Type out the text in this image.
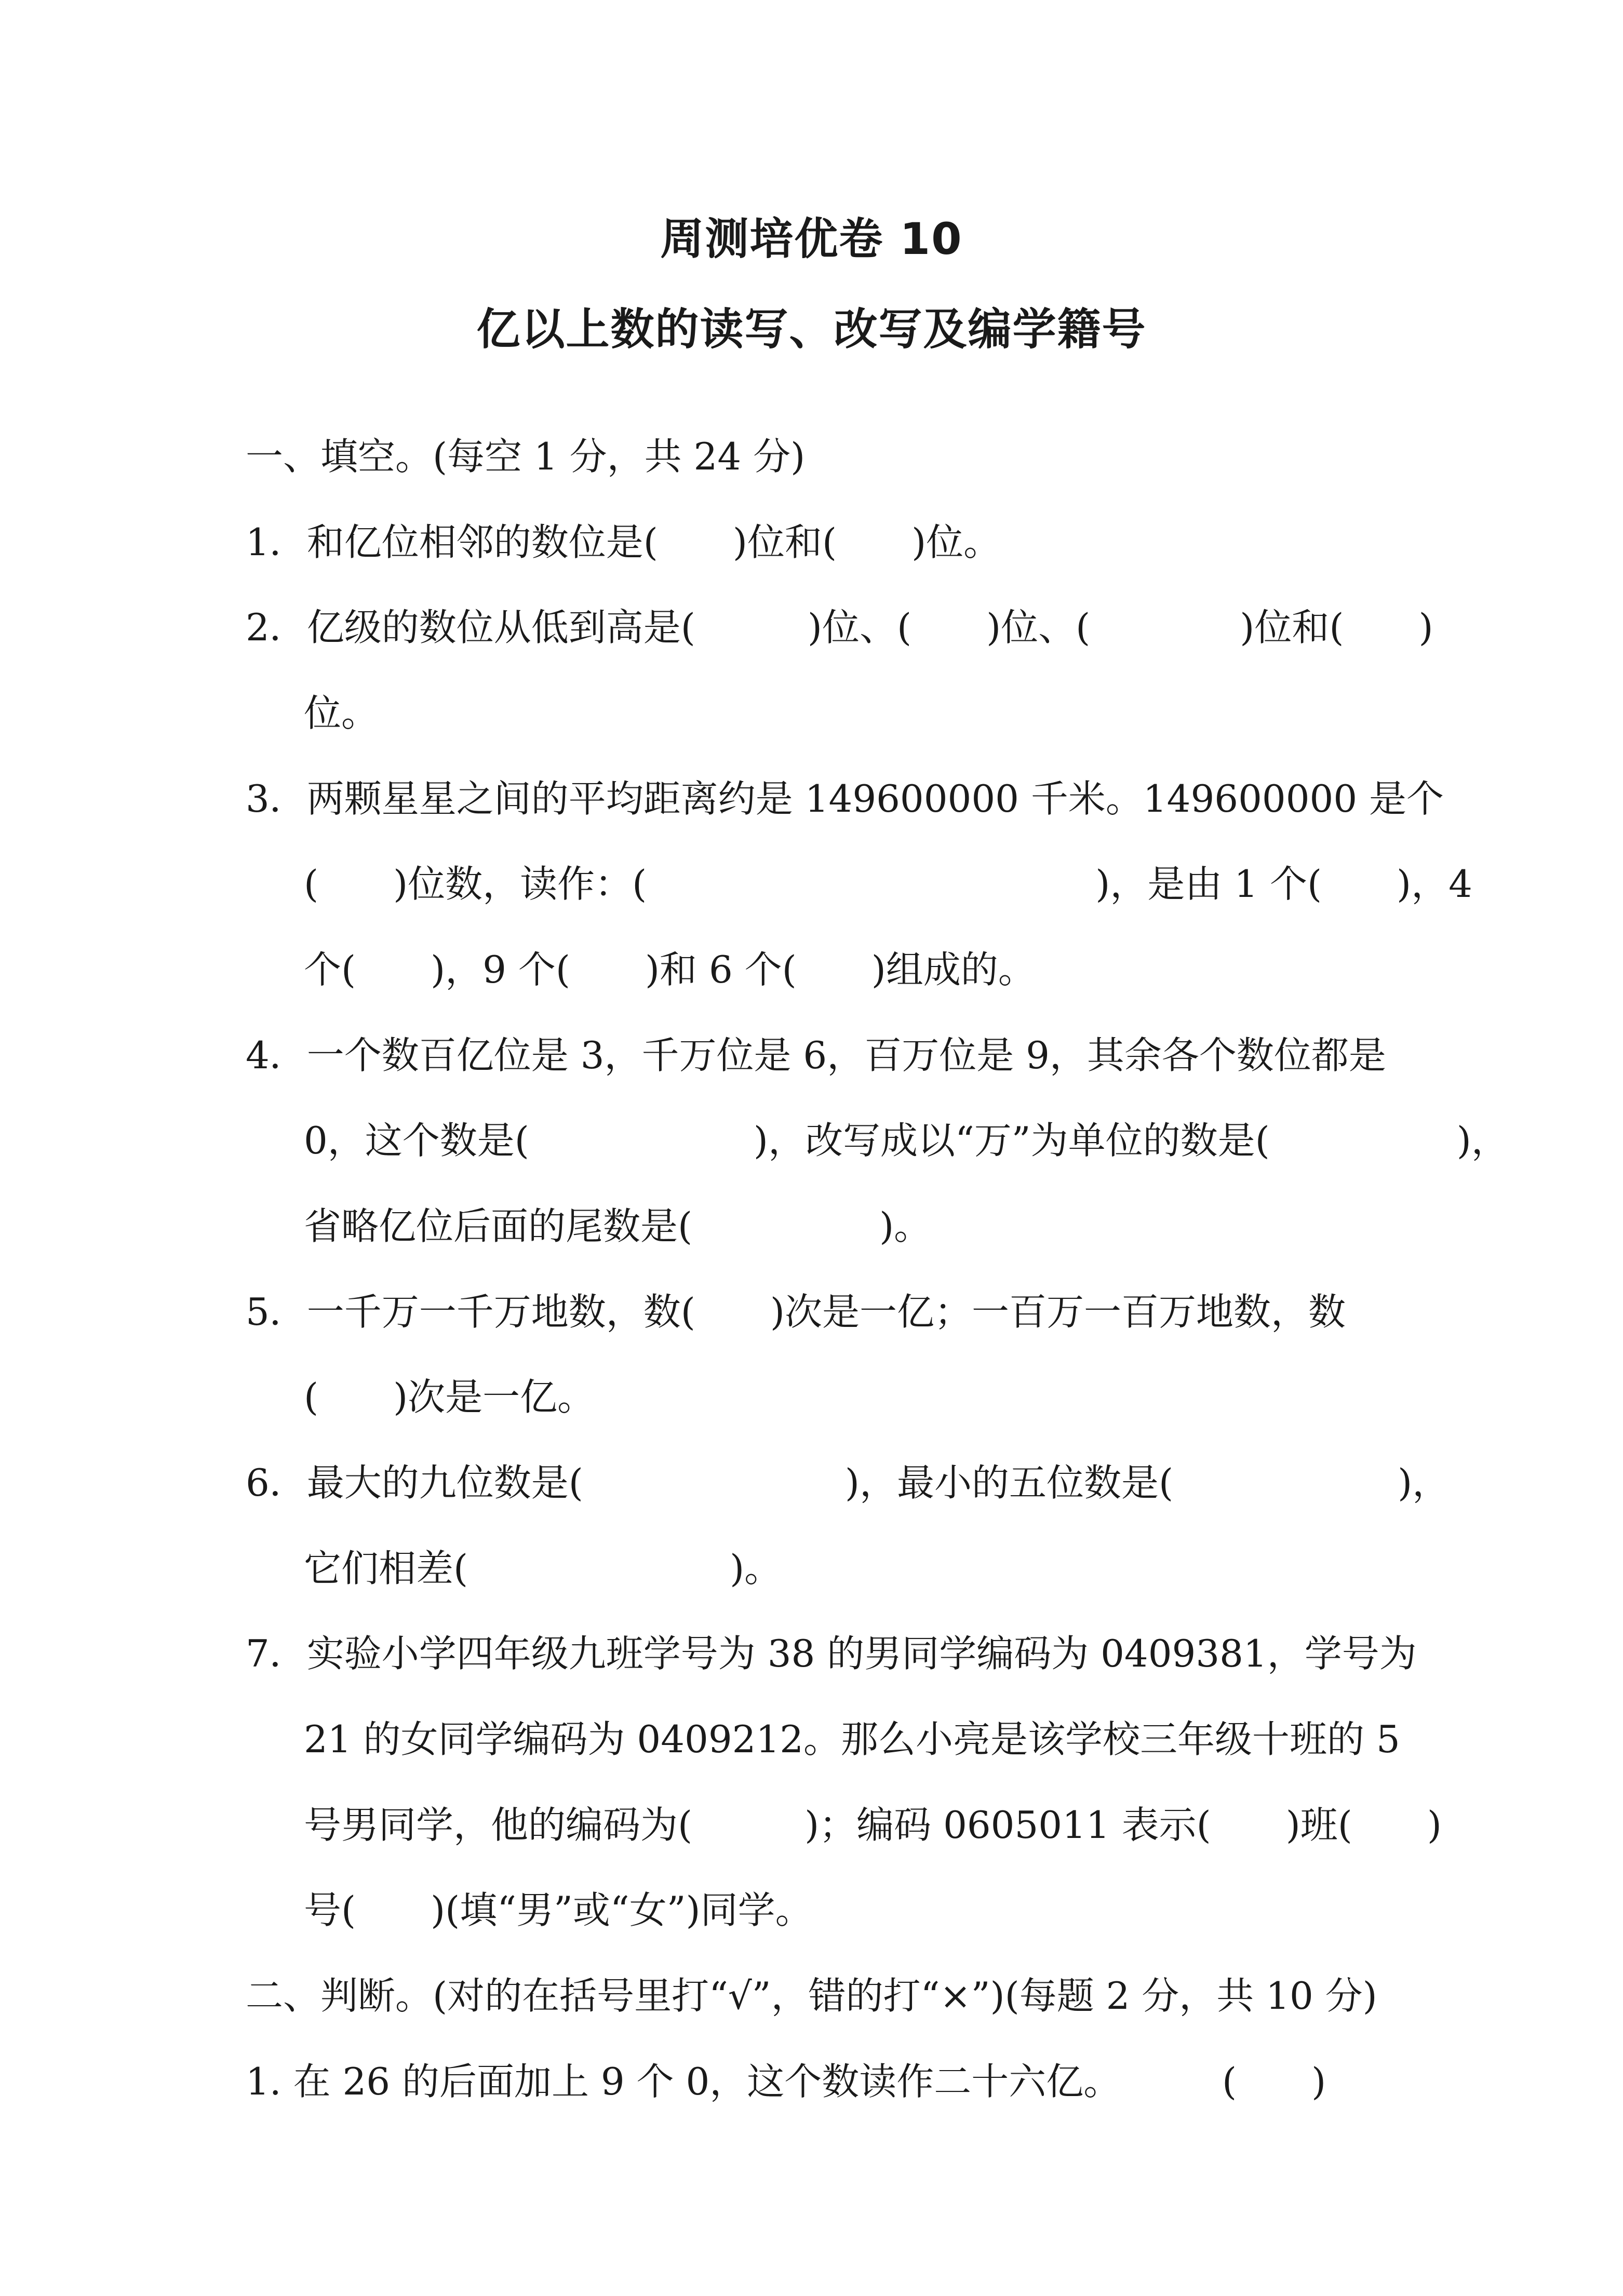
周测培优卷 10
亿以上数的读写、改写及编学籍号
一、填空。(每空 1 分，共 24 分)
1．和亿位相邻的数位是(　　)位和(　　)位。
2．亿级的数位从低到高是(　　　)位、(　　)位、(　　　　)位和(　　)
位。
3．两颗星星之间的平均距离约是 149600000 千米。149600000 是个
(　　)位数，读作：(　　　　　　　　　　　　)，是由 1 个(　　)，4
个(　　)，9 个(　　)和 6 个(　　)组成的。
4．一个数百亿位是 3，千万位是 6，百万位是 9，其余各个数位都是
0，这个数是(　　　　　　)，改写成以“万”为单位的数是(　　　　　)，
省略亿位后面的尾数是(　　　　　)。
5．一千万一千万地数，数(　　)次是一亿；一百万一百万地数，数
(　　)次是一亿。
6．最大的九位数是(　　　　　　　)，最小的五位数是(　　　　　　)，
它们相差(　　　　　　　)。
7．实验小学四年级九班学号为 38 的男同学编码为 0409381，学号为
21 的女同学编码为 0409212。那么小亮是该学校三年级十班的 5
号男同学，他的编码为(　　　)；编码 0605011 表示(　　)班(　　)
号(　　)(填“男”或“女”)同学。
二、判断。(对的在括号里打“√”，错的打“×”)(每题 2 分，共 10 分)
1. 在 26 的后面加上 9 个 0，这个数读作二十六亿。	(　　)
